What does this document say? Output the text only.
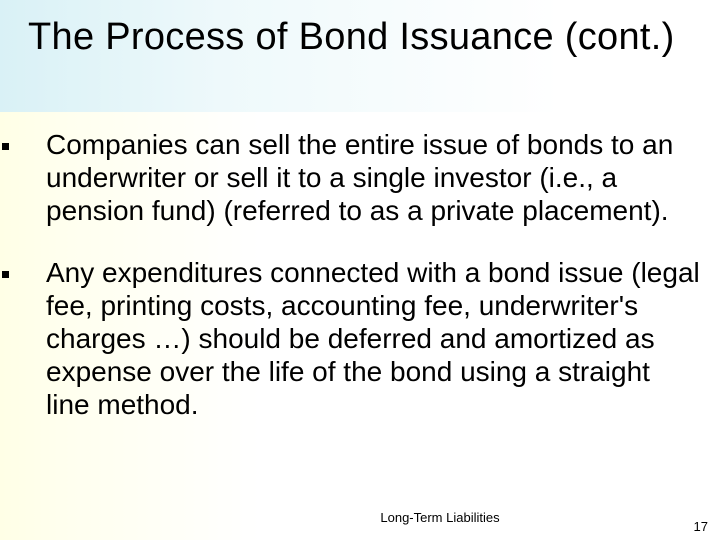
The Process of Bond Issuance (cont.)
Companies can sell the entire issue of bonds to an underwriter or sell it to a single investor (i.e., a pension fund) (referred to as a private placement).
Any expenditures connected with a bond issue (legal fee, printing costs, accounting fee, underwriter's charges …) should be deferred and amortized as expense over the life of the bond using a straight line method.
Long-Term Liabilities
17
